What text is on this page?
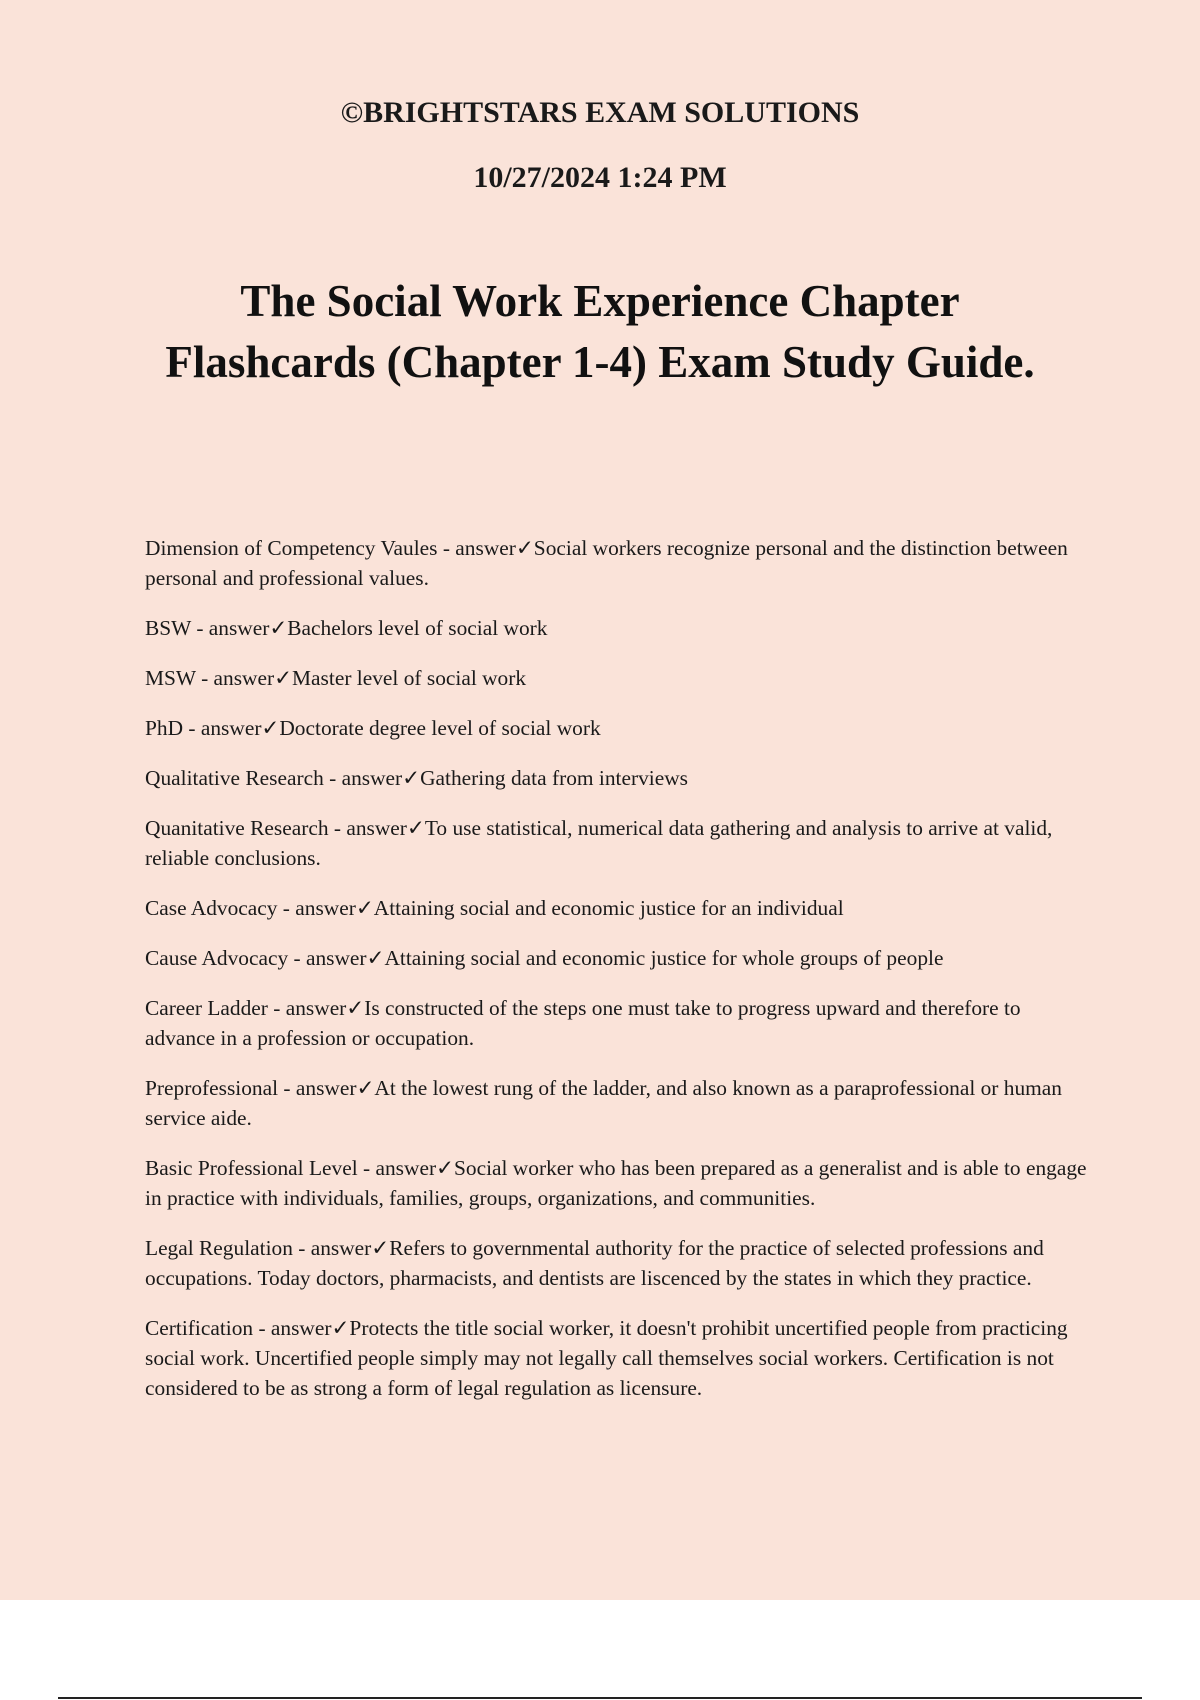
©BRIGHTSTARS EXAM SOLUTIONS

10/27/2024 1:24 PM

The Social Work Experience Chapter
Flashcards (Chapter 1-4) Exam Study Guide.
Dimension of Competency Vaules - answer✓Social workers recognize personal and the distinction between personal and professional values.
BSW - answer✓Bachelors level of social work
MSW - answer✓Master level of social work
PhD - answer✓Doctorate degree level of social work
Qualitative Research - answer✓Gathering data from interviews
Quanitative Research - answer✓To use statistical, numerical data gathering and analysis to arrive at valid, reliable conclusions.
Case Advocacy - answer✓Attaining social and economic justice for an individual
Cause Advocacy - answer✓Attaining social and economic justice for whole groups of people
Career Ladder - answer✓Is constructed of the steps one must take to progress upward and therefore to advance in a profession or occupation.
Preprofessional - answer✓At the lowest rung of the ladder, and also known as a paraprofessional or human service aide.
Basic Professional Level - answer✓Social worker who has been prepared as a generalist and is able to engage in practice with individuals, families, groups, organizations, and communities.
Legal Regulation - answer✓Refers to governmental authority for the practice of selected professions and occupations. Today doctors, pharmacists, and dentists are liscenced by the states in which they practice.
Certification - answer✓Protects the title social worker, it doesn't prohibit uncertified people from practicing social work. Uncertified people simply may not legally call themselves social workers. Certification is not considered to be as strong a form of legal regulation as licensure.
